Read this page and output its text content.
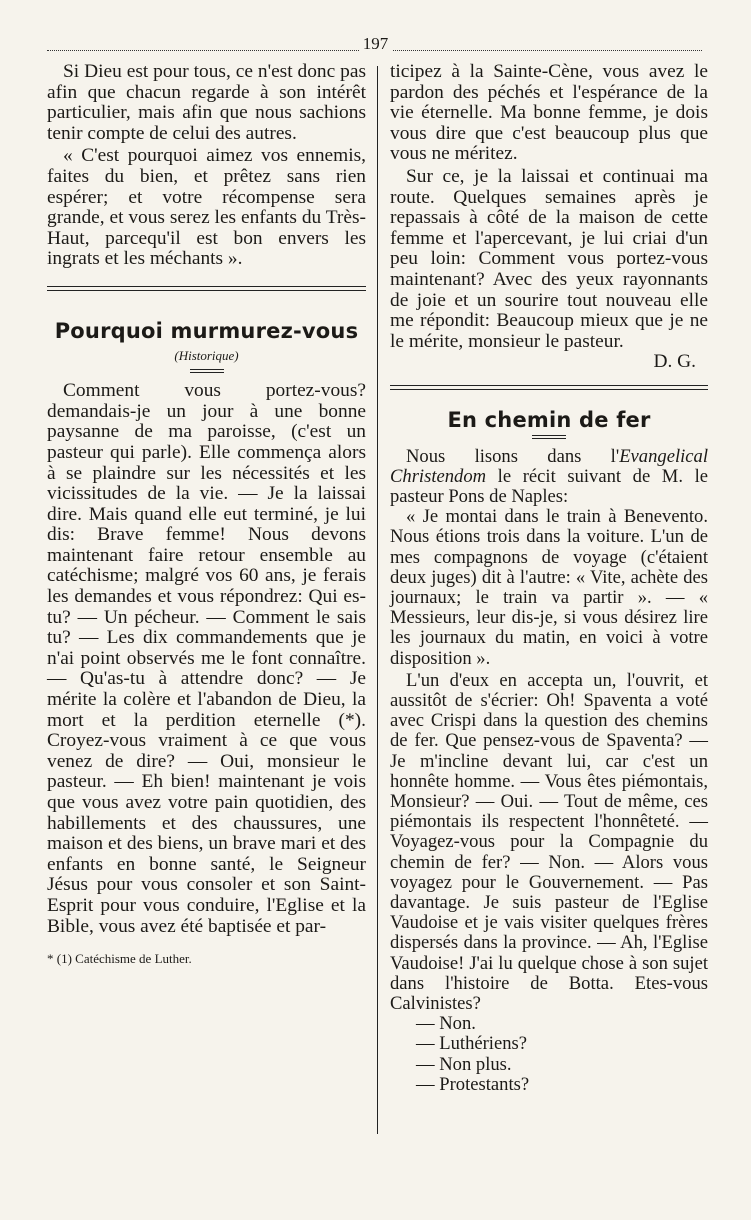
197

Si Dieu est pour tous, ce n'est donc pas afin que chacun regarde à son intérêt particulier, mais afin que nous sachions tenir compte de celui des autres.

« C'est pourquoi aimez vos ennemis, faites du bien, et prêtez sans rien espérer; et votre récompense sera grande, et vous serez les enfants du Très-Haut, parcequ'il est bon envers les ingrats et les méchants ».

Pourquoi murmurez-vous
(Historique)

Comment vous portez-vous? demandais-je un jour à une bonne paysanne de ma paroisse, (c'est un pasteur qui parle). Elle commença alors à se plaindre sur les nécessités et les vicissitudes de la vie. — Je la laissai dire. Mais quand elle eut terminé, je lui dis: Brave femme! Nous devons maintenant faire retour ensemble au catéchisme; malgré vos 60 ans, je ferais les demandes et vous répondrez: Qui es-tu? — Un pécheur. — Comment le sais tu? — Les dix commandements que je n'ai point observés me le font connaître. — Qu'as-tu à attendre donc? — Je mérite la colère et l'abandon de Dieu, la mort et la perdition eternelle (*). Croyez-vous vraiment à ce que vous venez de dire? — Oui, monsieur le pasteur. — Eh bien! maintenant je vois que vous avez votre pain quotidien, des habillements et des chaussures, une maison et des biens, un brave mari et des enfants en bonne santé, le Seigneur Jésus pour vous consoler et son Saint-Esprit pour vous conduire, l'Eglise et la Bible, vous avez été baptisée et par-

* (1) Catéchisme de Luther.

ticipez à la Sainte-Cène, vous avez le pardon des péchés et l'espérance de la vie éternelle. Ma bonne femme, je dois vous dire que c'est beaucoup plus que vous ne méritez.

Sur ce, je la laissai et continuai ma route. Quelques semaines après je repassais à côté de la maison de cette femme et l'apercevant, je lui criai d'un peu loin: Comment vous portez-vous maintenant? Avec des yeux rayonnants de joie et un sourire tout nouveau elle me répondit: Beaucoup mieux que je ne le mérite, monsieur le pasteur.

D. G.
En chemin de fer

Nous lisons dans l'Evangelical Christendom le récit suivant de M. le pasteur Pons de Naples:

« Je montai dans le train à Benevento. Nous étions trois dans la voiture. L'un de mes compagnons de voyage (c'étaient deux juges) dit à l'autre: « Vite, achète des journaux; le train va partir ». — « Messieurs, leur dis-je, si vous désirez lire les journaux du matin, en voici à votre disposition ».

L'un d'eux en accepta un, l'ouvrit, et aussitôt de s'écrier: Oh! Spaventa a voté avec Crispi dans la question des chemins de fer. Que pensez-vous de Spaventa? — Je m'incline devant lui, car c'est un honnête homme. — Vous êtes piémontais, Monsieur? — Oui. — Tout de même, ces piémontais ils respectent l'honnêteté. — Voyagez-vous pour la Compagnie du chemin de fer? — Non. — Alors vous voyagez pour le Gouvernement. — Pas davantage. Je suis pasteur de l'Eglise Vaudoise et je vais visiter quelques frères dispersés dans la province. — Ah, l'Eglise Vaudoise! J'ai lu quelque chose à son sujet dans l'histoire de Botta. Etes-vous Calvinistes?

— Non.
— Luthériens?
— Non plus.
— Protestants?
